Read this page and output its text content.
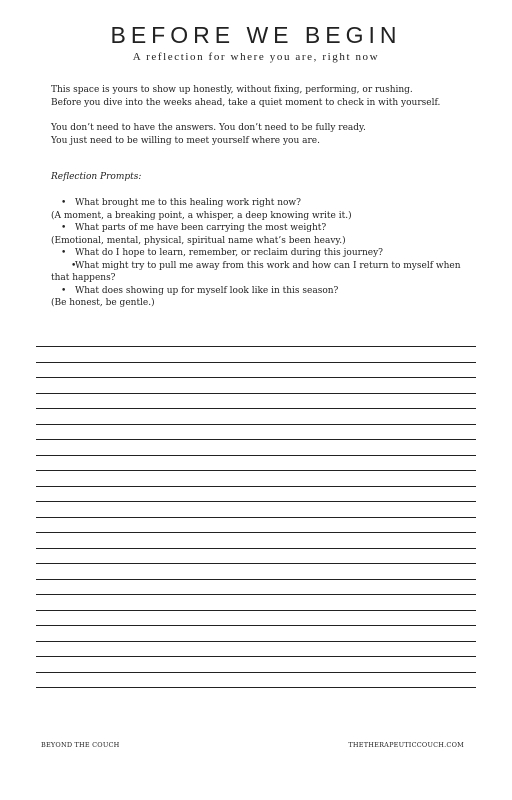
BEFORE WE BEGIN
A reflection for where you are, right now
This space is yours to show up honestly, without fixing, performing, or rushing.
Before you dive into the weeks ahead, take a quiet moment to check in with yourself.
You don’t need to have the answers. You don’t need to be fully ready.
You just need to be willing to meet yourself where you are.
Reflection Prompts:
• What brought me to this healing work right now?
(A moment, a breaking point, a whisper, a deep knowing write it.)
• What parts of me have been carrying the most weight?
(Emotional, mental, physical, spiritual name what’s been heavy.)
• What do I hope to learn, remember, or reclaim during this journey?
• What might try to pull me away from this work and how can I return to myself when that happens?
• What does showing up for myself look like in this season?
(Be honest, be gentle.)
BEYOND THE COUCH	THETHERAPEUTICCOUCH.COM
